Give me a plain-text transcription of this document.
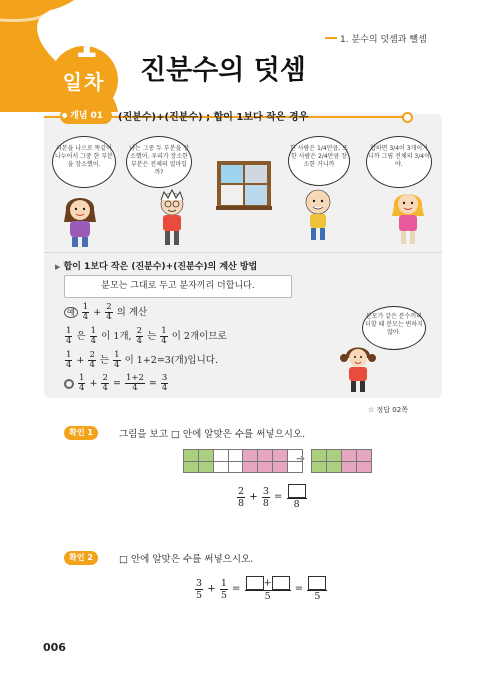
1
일차
1. 분수의 덧셈과 뺄셈
진분수의 덧셈
개념 01	(진분수)+(진분수) ; 합이 1보다 작은 경우
리본을 나으로 똑같이 나누어서 그중 한 부분을 장소했어.
나는 그중 두 부분을 장소했어. 우리가 장소한 부분은 전체의 얼마일까?
한 사람은 1/4만큼, 또 한 사람은 2/4만큼 장소한 거니까
합하면 3/4이 3개이기 니까 그림 전체의 3/4이야.
▶ 합이 1보다 작은 (진분수)+(진분수)의 계산 방법
분모는 그대로 두고 분자끼리 더합니다.
예 $\frac{1}{4} + \frac{2}{4}$ 의 계산
$\frac{1}{4}$ 은 $\frac{1}{4}$ 이 1개, $\frac{2}{4}$ 는 $\frac{1}{4}$ 이 2개이므로
$\frac{1}{4} + \frac{2}{4}$ 는 $\frac{1}{4}$ 이 1+2=3(개)입니다.

$\frac{1}{4} + \frac{2}{4} = \frac{1+2}{4} = \frac{3}{4}$
분모가 같은 분수끼리 더할 때 분모는 변하지 않아.
☆ 정답 02쪽
확인 1	그림을 보고 □ 안에 알맞은 수를 써넣으시오.
➔
$\frac{2}{8} + \frac{3}{8}$ =
8
확인 2	□ 안에 알맞은 수를 써넣으시오.
$\frac{3}{5} + \frac{1}{5} = \frac{+}{5}$ =
5
006
